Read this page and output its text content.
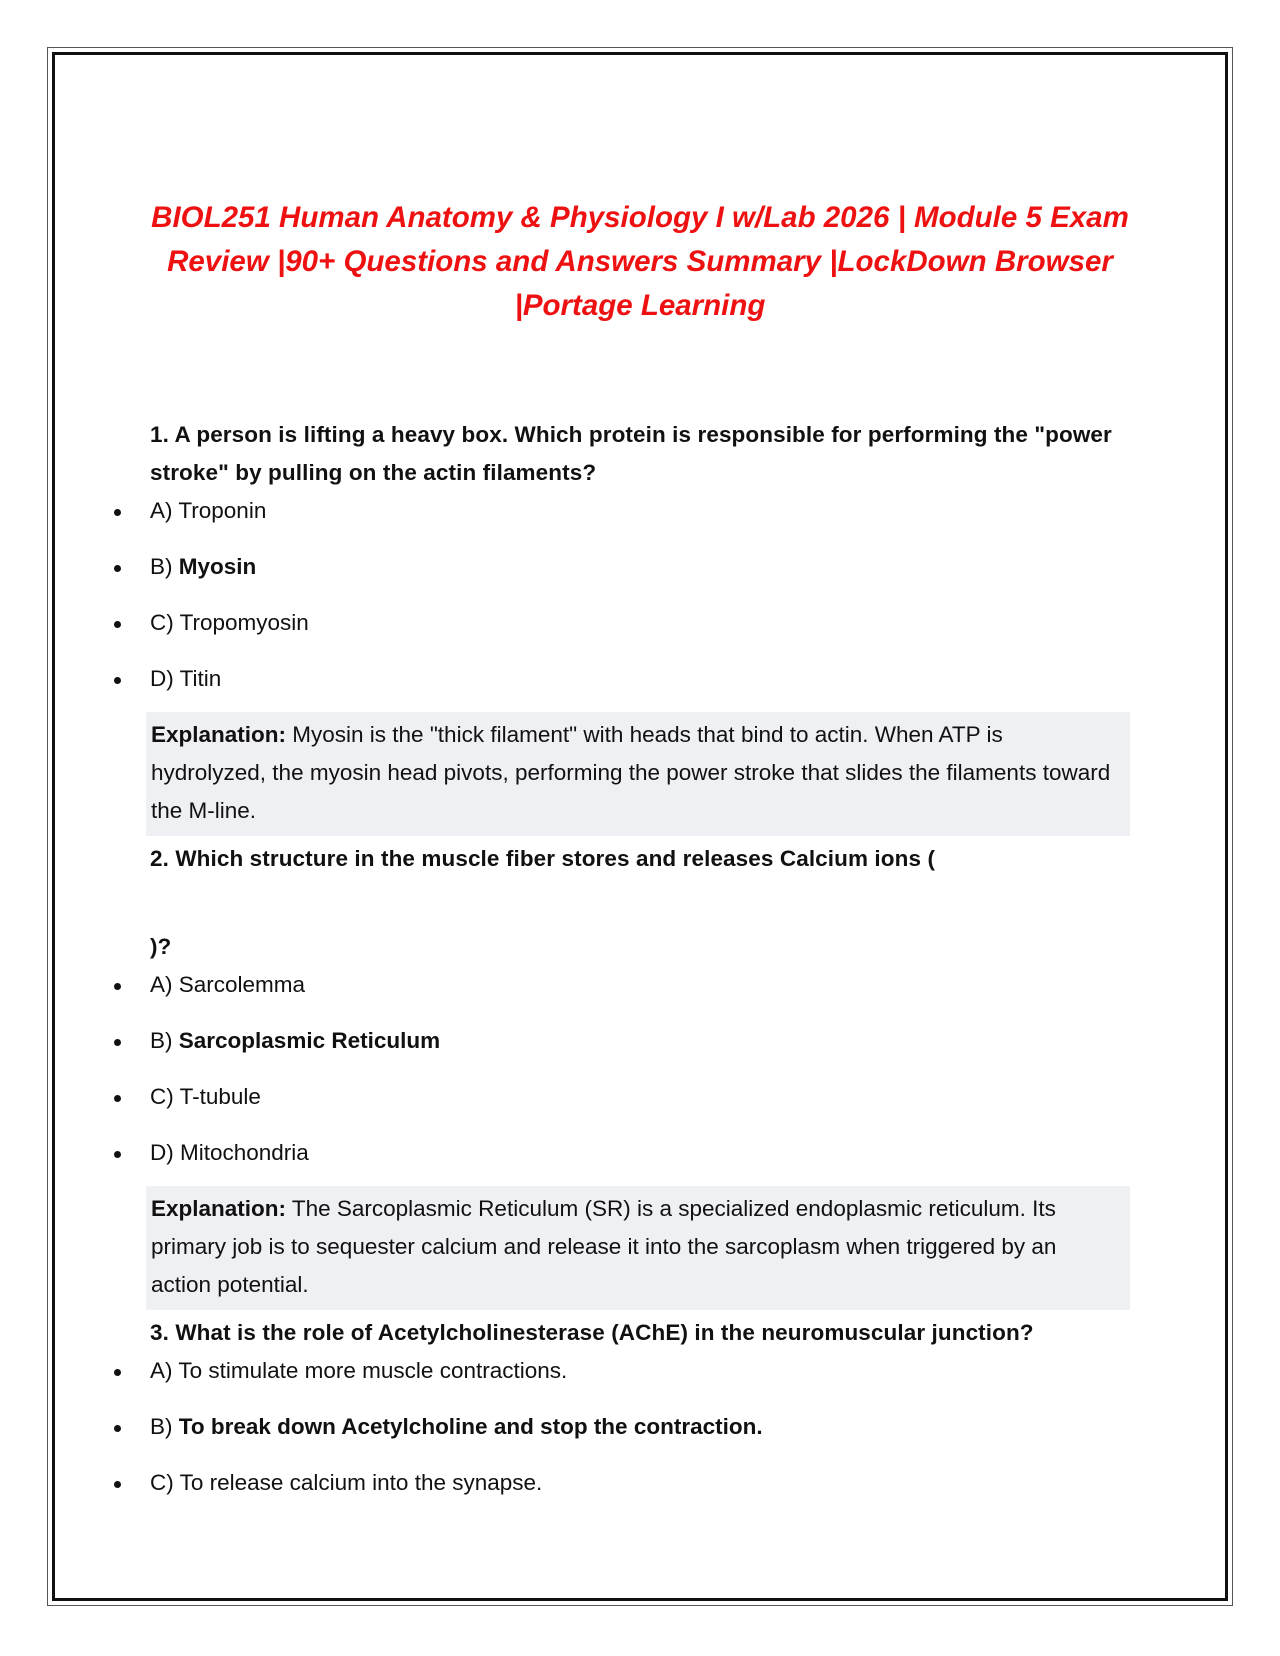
BIOL251 Human Anatomy & Physiology I w/Lab 2026 | Module 5 Exam Review |90+ Questions and Answers Summary |LockDown Browser |Portage Learning

1. A person is lifting a heavy box. Which protein is responsible for performing the "power stroke" by pulling on the actin filaments?

A) Troponin
B) Myosin
C) Tropomyosin
D) Titin
Explanation: Myosin is the "thick filament" with heads that bind to actin. When ATP is hydrolyzed, the myosin head pivots, performing the power stroke that slides the filaments toward the M-line.

2. Which structure in the muscle fiber stores and releases Calcium ions (

)?

A) Sarcolemma
B) Sarcoplasmic Reticulum
C) T-tubule
D) Mitochondria
Explanation: The Sarcoplasmic Reticulum (SR) is a specialized endoplasmic reticulum. Its primary job is to sequester calcium and release it into the sarcoplasm when triggered by an action potential.

3. What is the role of Acetylcholinesterase (AChE) in the neuromuscular junction?

A) To stimulate more muscle contractions.
B) To break down Acetylcholine and stop the contraction.
C) To release calcium into the synapse.
